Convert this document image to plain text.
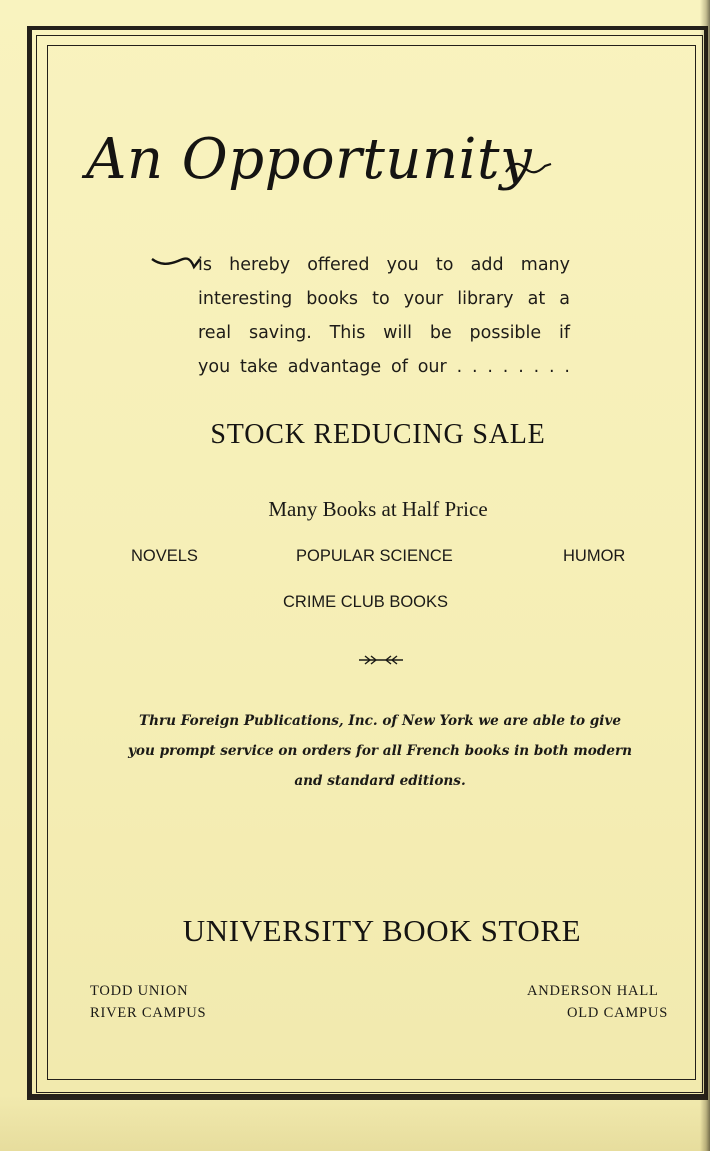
An Opportunity
is hereby offered you to add many
interesting books to your library at a
real saving. This will be possible if
you take advantage of our . . . . . . . .
STOCK REDUCING SALE
Many Books at Half Price
NOVELS	POPULAR SCIENCE	HUMOR
CRIME CLUB BOOKS
Thru Foreign Publications, Inc. of New York we are able to give
you prompt service on orders for all French books in both modern
and standard editions.
UNIVERSITY BOOK STORE
TODD UNION
RIVER CAMPUS
ANDERSON HALL
OLD CAMPUS
